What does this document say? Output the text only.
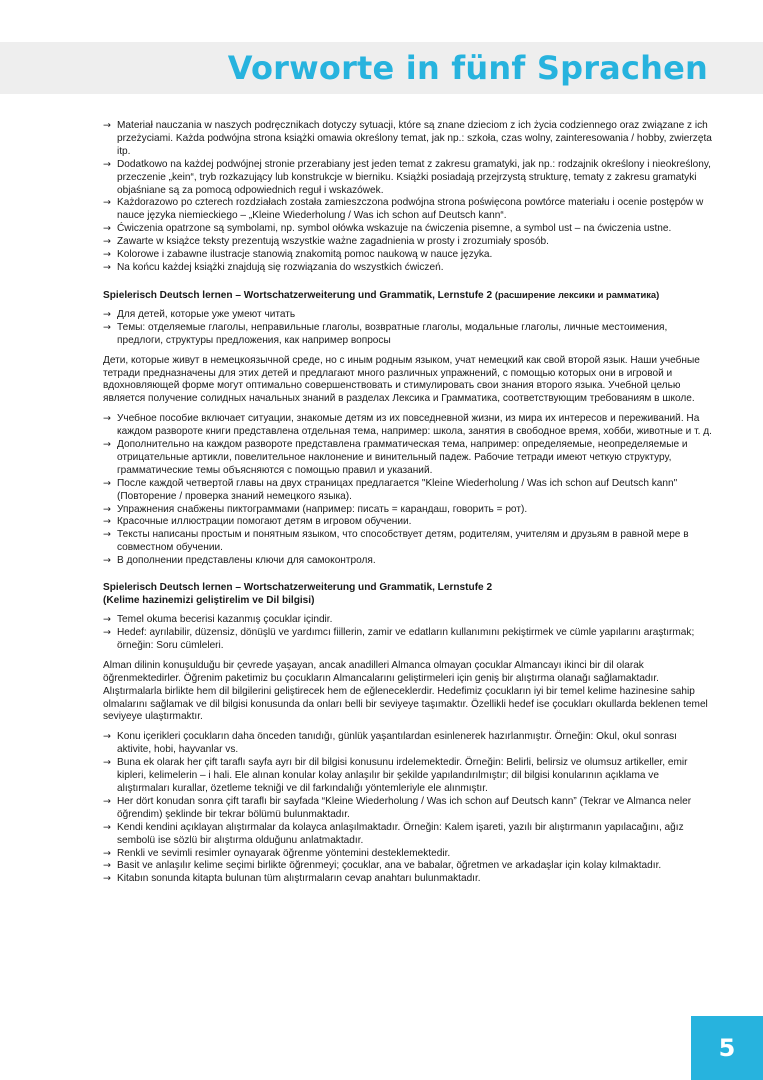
Vorworte in fünf Sprachen
→ Materiał nauczania w naszych podręcznikach dotyczy sytuacji, które są znane dzieciom z ich życia codziennego oraz związane z ich przeżyciami. Każda podwójna strona książki omawia określony temat, jak np.: szkoła, czas wolny, zainteresowania / hobby, zwierzęta itp.
→ Dodatkowo na każdej podwójnej stronie przerabiany jest jeden temat z zakresu gramatyki, jak np.: rodzajnik określony i nieokreślony, przeczenie „kein“, tryb rozkazujący lub konstrukcje w bierniku. Książki posiadają przejrzystą strukturę, tematy z zakresu gramatyki objaśniane są za pomocą odpowiednich reguł i wskazówek.
→ Każdorazowo po czterech rozdziałach została zamieszczona podwójna strona poświęcona powtórce materiału i ocenie postępów w nauce języka niemieckiego – „Kleine Wiederholung / Was ich schon auf Deutsch kann“.
→ Ćwiczenia opatrzone są symbolami, np. symbol ołówka wskazuje na ćwiczenia pisemne, a symbol ust – na ćwiczenia ustne.
→ Zawarte w książce teksty prezentują wszystkie ważne zagadnienia w prosty i zrozumiały sposób.
→ Kolorowe i zabawne ilustracje stanowią znakomitą pomoc naukową w nauce języka.
→ Na końcu każdej książki znajdują się rozwiązania do wszystkich ćwiczeń.
Spielerisch Deutsch lernen – Wortschatzerweiterung und Grammatik, Lernstufe 2 (расширение лексики и рамматика)
→ Для детей, которые уже умеют читать
→ Темы: отделяемые глаголы, неправильные глаголы, возвратные глаголы, модальные глаголы, личные местоимения, предлоги, структуры предложения, как например вопросы

Дети, которые живут в немецкоязычной среде, но с иным родным языком, учат немецкий как свой второй язык. Наши учебные тетради предназначены для этих детей и предлагают много различных упражнений, с помощью которых они в игровой и вдохновляющей форме могут оптимально совершенствовать и стимулировать свои знания второго языка. Учебной целью является получение солидных начальных знаний в разделах Лексика и Грамматика, соответствующим требованиям в школе.

→ Учебное пособие включает ситуации, знакомые детям из их повседневной жизни, из мира их интересов и переживаний. На каждом развороте книги представлена отдельная тема, например: школа, занятия в свободное время, хобби, животные и т. д.
→ Дополнительно на каждом развороте представлена грамматическая тема, например: определяемые, неопределяемые и отрицательные артикли, повелительное наклонение и винительный падеж. Рабочие тетради имеют четкую структуру, грамматические темы объясняются с помощью правил и указаний.
→ После каждой четвертой главы на двух страницах предлагается "Kleine Wiederholung / Was ich schon auf Deutsch kann" (Повторение / проверка знаний немецкого языка).
→ Упражнения снабжены пиктограммами (например: писать = карандаш, говорить = рот).
→ Красочные иллюстрации помогают детям в игровом обучении.
→ Тексты написаны простым и понятным языком, что способствует детям, родителям, учителям и друзьям в равной мере в совместном обучении.
→ В дополнении представлены ключи для самоконтроля.
Spielerisch Deutsch lernen – Wortschatzerweiterung und Grammatik, Lernstufe 2
(Kelime hazinemizi geliştirelim ve Dil bilgisi)
→ Temel okuma becerisi kazanmış çocuklar içindir.
→ Hedef: ayrılabilir, düzensiz, dönüşlü ve yardımcı fiillerin, zamir ve edatların kullanımını pekiştirmek ve cümle yapılarını araştırmak; örneğin: Soru cümleleri.

Alman dilinin konuşulduğu bir çevrede yaşayan, ancak anadilleri Almanca olmayan çocuklar Almancayı ikinci bir dil olarak öğrenmektedirler. Öğrenim paketimiz bu çocukların Almancalarını geliştirmeleri için geniş bir alıştırma olanağı sağlamaktadır. Alıştırmalarla birlikte hem dil bilgilerini geliştirecek hem de eğleneceklerdir. Hedefimiz çocukların iyi bir temel kelime hazinesine sahip olmalarını sağlamak ve dil bilgisi konusunda da onları belli bir seviyeye taşımaktır. Özellikli hedef ise çocukları okullarda beklenen temel seviyeye ulaştırmaktır.

→ Konu içerikleri çocukların daha önceden tanıdığı, günlük yaşantılardan esinlenerek hazırlanmıştır. Örneğin: Okul, okul sonrası aktivite, hobi, hayvanlar vs.
→ Buna ek olarak her çift taraflı sayfa ayrı bir dil bilgisi konusunu irdelemektedir. Örneğin: Belirli, belirsiz ve olumsuz artikeller, emir kipleri, kelimelerin – i hali. Ele alınan konular kolay anlaşılır bir şekilde yapılandırılmıştır; dil bilgisi konularının açıklama ve alıştırmaları kurallar, özetleme tekniği ve dil farkındalığı yöntemleriyle ele alınmıştır.
→ Her dört konudan sonra çift taraflı bir sayfada “Kleine Wiederholung / Was ich schon auf Deutsch kann” (Tekrar ve Almanca neler öğrendim) şeklinde bir tekrar bölümü bulunmaktadır.
→ Kendi kendini açıklayan alıştırmalar da kolayca anlaşılmaktadır. Örneğin: Kalem işareti, yazılı bir alıştırmanın yapılacağını, ağız sembolü ise sözlü bir alıştırma olduğunu anlatmaktadır.
→ Renkli ve sevimli resimler oynayarak öğrenme yöntemini desteklemektedir.
→ Basit ve anlaşılır kelime seçimi birlikte öğrenmeyi; çocuklar, ana ve babalar, öğretmen ve arkadaşlar için kolay kılmaktadır.
→ Kitabın sonunda kitapta bulunan tüm alıştırmaların cevap anahtarı bulunmaktadır.
5
